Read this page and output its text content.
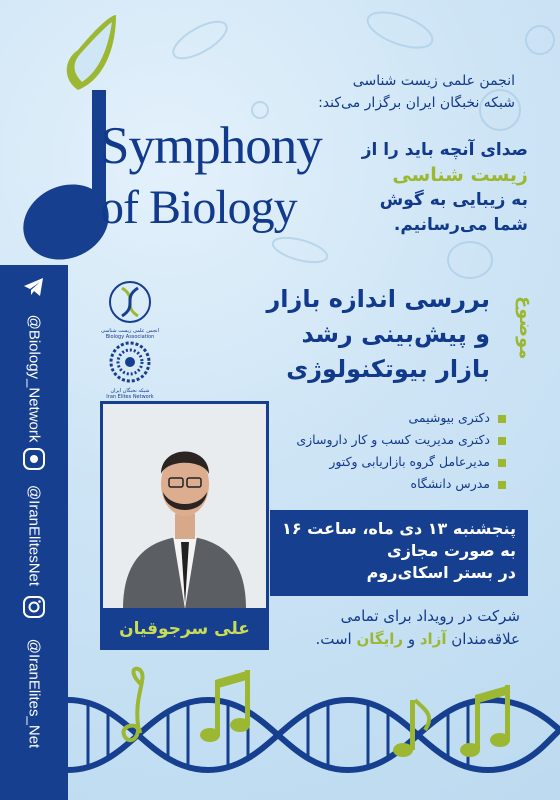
انجمن علمی زیست شناسی
شبکه نخبگان ایران برگزار می‌کند:
Symphony
of Biology
صدای آنچه باید را از
زیست شناسی
به زیبایی به گوش
شما می‌رسانیم.
@Biology_Network
@IranElitesNet
@IranElites_Net
انجمن علمی زیست شناسی
Biology Association
شبکه نخبگان ایران
Iran Elites Network
موضوع
بررسی اندازه بازار
و پیش‌بینی رشد
بازار بیوتکنولوژی
علی سرجوقیان
دکتری بیوشیمی
دکتری مدیریت کسب و کار داروسازی
مدیرعامل گروه بازاریابی وکتور
مدرس دانشگاه
پنجشنبه ۱۳ دی ماه، ساعت ۱۶
به صورت مجازی
در بستر اسکای‌روم
شرکت در رویداد برای تمامی
علاقه‌مندان آزاد و رایگان است.
